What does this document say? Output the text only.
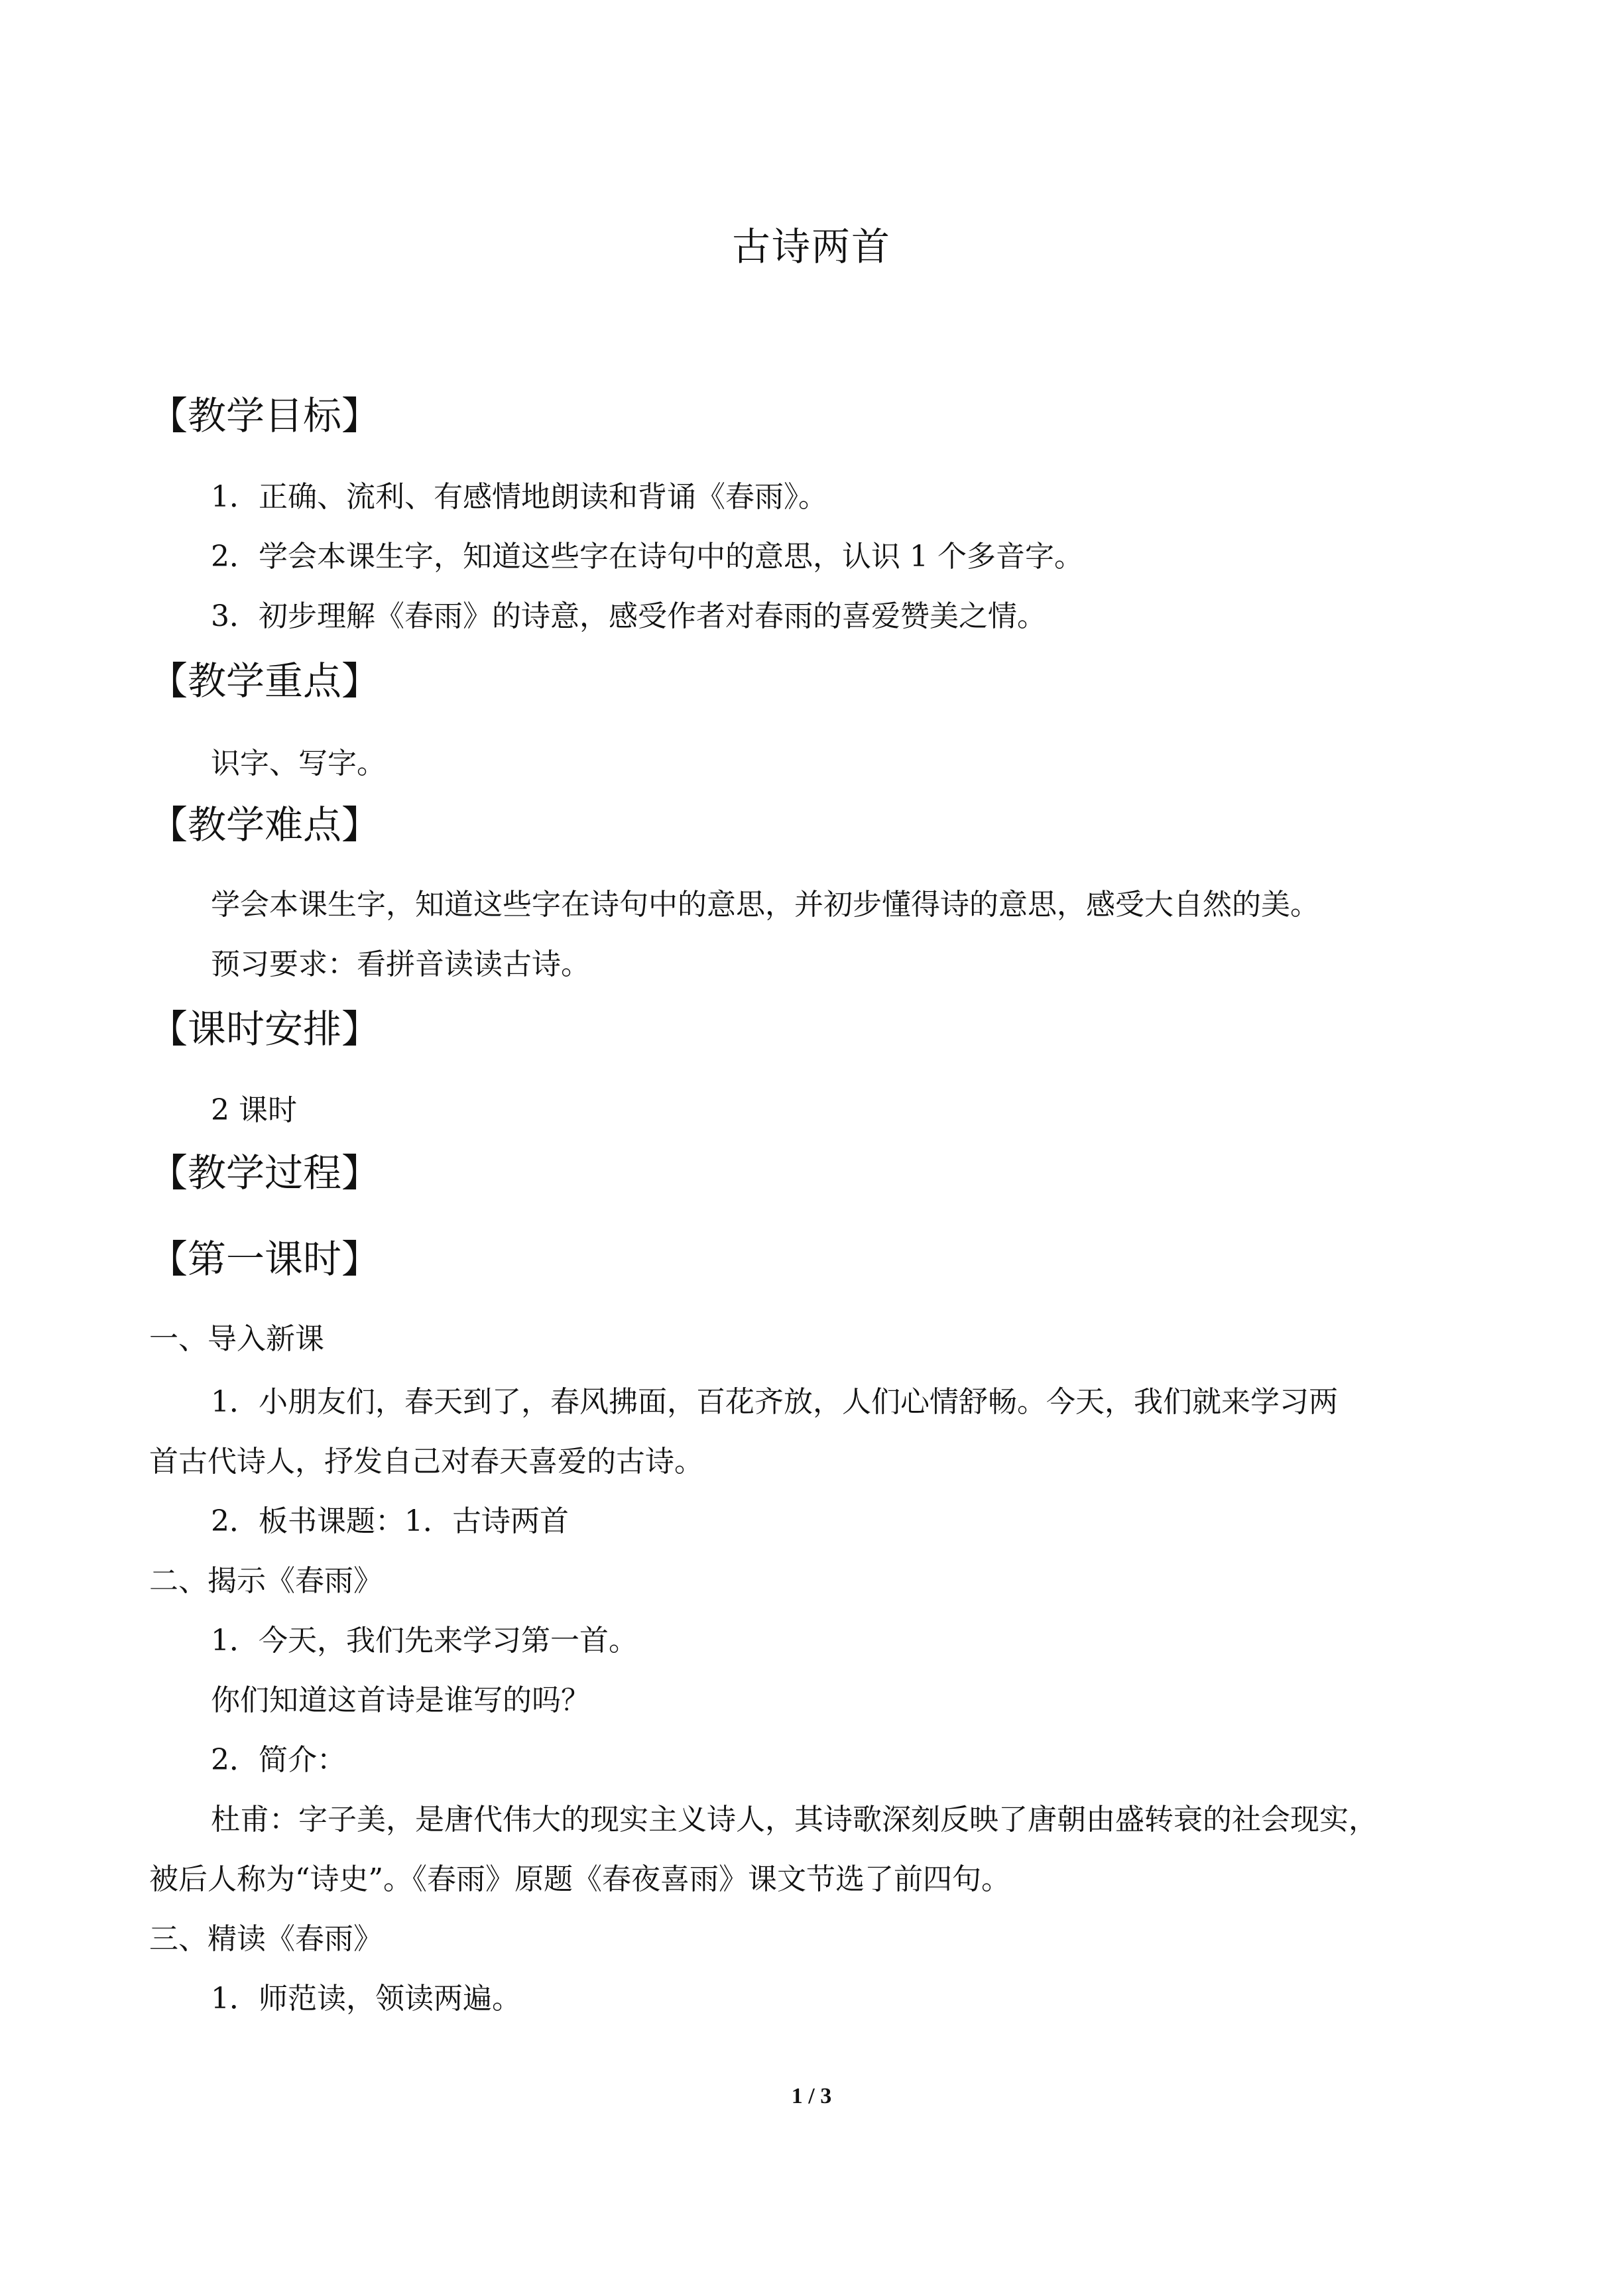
古诗两首
【教学目标】

1．正确、流利、有感情地朗读和背诵《春雨》。

2．学会本课生字，知道这些字在诗句中的意思，认识 1 个多音字。

3．初步理解《春雨》的诗意，感受作者对春雨的喜爱赞美之情。

【教学重点】

识字、写字。

【教学难点】

学会本课生字，知道这些字在诗句中的意思，并初步懂得诗的意思，感受大自然的美。

预习要求：看拼音读读古诗。

【课时安排】

2 课时

【教学过程】
【第一课时】

一、导入新课

1．小朋友们，春天到了，春风拂面，百花齐放，人们心情舒畅。今天，我们就来学习两

首古代诗人，抒发自己对春天喜爱的古诗。

2．板书课题：1．古诗两首

二、揭示《春雨》

1．今天，我们先来学习第一首。

你们知道这首诗是谁写的吗？

2．简介：

杜甫：字子美，是唐代伟大的现实主义诗人，其诗歌深刻反映了唐朝由盛转衰的社会现实，

被后人称为“诗史”。《春雨》原题《春夜喜雨》课文节选了前四句。

三、精读《春雨》

1．师范读，领读两遍。

1 / 3
